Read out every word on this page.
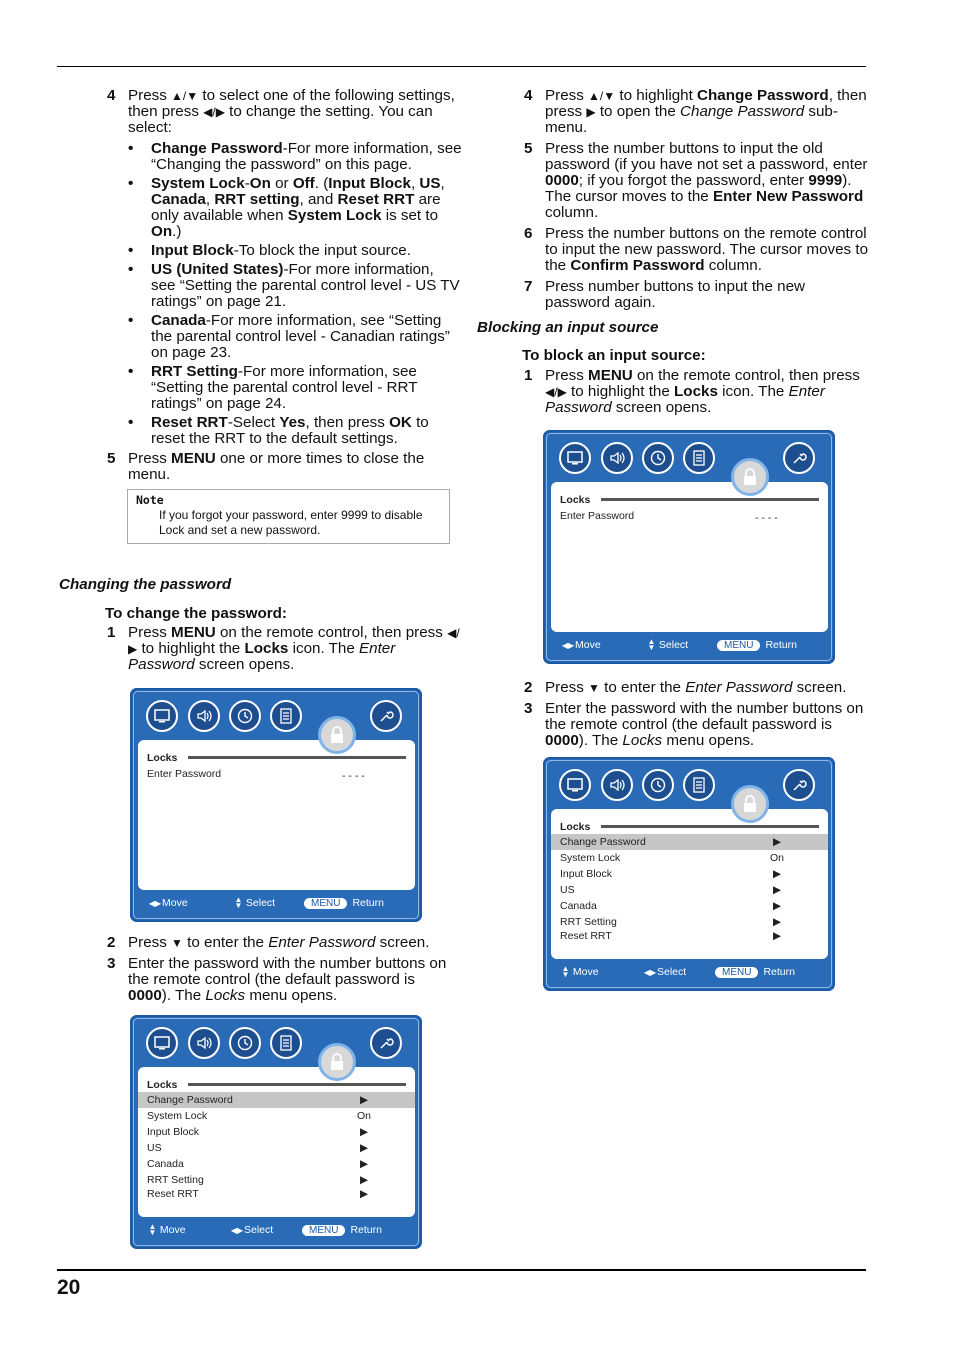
4 Press ▲/▼ to select one of the following settings, then press ◀/▶ to change the setting. You can select:

• Change Password-For more information, see “Changing the password” on this page.
• System Lock-On or Off. (Input Block, US, Canada, RRT setting, and Reset RRT are only available when System Lock is set to On.)
• Input Block-To block the input source.
• US (United States)-For more information, see “Setting the parental control level - US TV ratings” on page 21.
• Canada-For more information, see “Setting the parental control level - Canadian ratings” on page 23.
• RRT Setting-For more information, see “Setting the parental control level - RRT ratings” on page 24.
• Reset RRT-Select Yes, then press OK to reset the RRT to the default settings.
5 Press MENU one or more times to close the menu.

Note
If you forgot your password, enter 9999 to disable Lock and set a new password.

Changing the password

To change the password:

1 Press MENU on the remote control, then press ◀/▶ to highlight the Locks icon. The Enter Password screen opens.

Locks
Enter Password	- - - -
◀▶Move	▲▼ Select	MENU Return
2 Press ▼ to enter the Enter Password screen.

3 Enter the password with the number buttons on the remote control (the default password is 0000). The Locks menu opens.

Locks
Change Password	▶
System Lock	On
Input Block	▶
US	▶
Canada	▶
RRT Setting	▶
Reset RRT	▶
▲▼ Move	◀▶Select	MENU Return
4 Press ▲/▼ to highlight Change Password, then press ▶ to open the Change Password sub-menu.

5 Press the number buttons to input the old password (if you have not set a password, enter 0000; if you forgot the password, enter 9999). The cursor moves to the Enter New Password column.

6 Press the number buttons on the remote control to input the new password. The cursor moves to the Confirm Password column.

7 Press number buttons to input the new password again.

Blocking an input source

To block an input source:

1 Press MENU on the remote control, then press ◀/▶ to highlight the Locks icon. The Enter Password screen opens.

Locks
Enter Password	- - - -
◀▶Move	▲▼ Select	MENU Return
2 Press ▼ to enter the Enter Password screen.

3 Enter the password with the number buttons on the remote control (the default password is 0000). The Locks menu opens.

Locks
Change Password	▶
System Lock	On
Input Block	▶
US	▶
Canada	▶
RRT Setting	▶
Reset RRT	▶
▲▼ Move	◀▶Select	MENU Return
20
